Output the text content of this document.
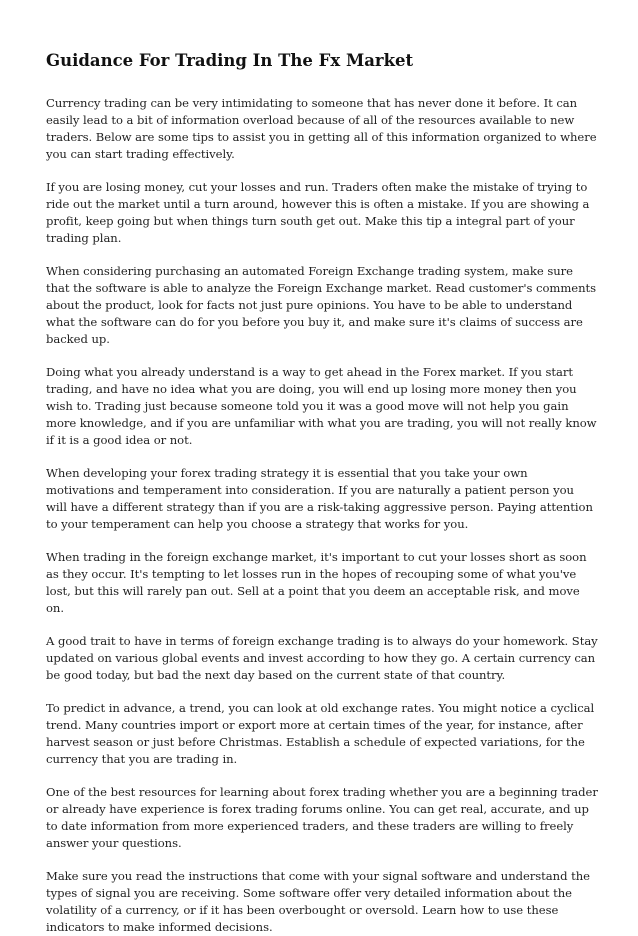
Guidance For Trading In The Fx Market

Currency trading can be very intimidating to someone that has never done it before. It can easily lead to a bit of information overload because of all of the resources available to new traders. Below are some tips to assist you in getting all of this information organized to where you can start trading effectively.

If you are losing money, cut your losses and run. Traders often make the mistake of trying to ride out the market until a turn around, however this is often a mistake. If you are showing a profit, keep going but when things turn south get out. Make this tip a integral part of your trading plan.

When considering purchasing an automated Foreign Exchange trading system, make sure that the software is able to analyze the Foreign Exchange market. Read customer's comments about the product, look for facts not just pure opinions. You have to be able to understand what the software can do for you before you buy it, and make sure it's claims of success are backed up.

Doing what you already understand is a way to get ahead in the Forex market. If you start trading, and have no idea what you are doing, you will end up losing more money then you wish to. Trading just because someone told you it was a good move will not help you gain more knowledge, and if you are unfamiliar with what you are trading, you will not really know if it is a good idea or not.

When developing your forex trading strategy it is essential that you take your own motivations and temperament into consideration. If you are naturally a patient person you will have a different strategy than if you are a risk-taking aggressive person. Paying attention to your temperament can help you choose a strategy that works for you.

When trading in the foreign exchange market, it's important to cut your losses short as soon as they occur. It's tempting to let losses run in the hopes of recouping some of what you've lost, but this will rarely pan out. Sell at a point that you deem an acceptable risk, and move on.

A good trait to have in terms of foreign exchange trading is to always do your homework. Stay updated on various global events and invest according to how they go. A certain currency can be good today, but bad the next day based on the current state of that country.

To predict in advance, a trend, you can look at old exchange rates. You might notice a cyclical trend. Many countries import or export more at certain times of the year, for instance, after harvest season or just before Christmas. Establish a schedule of expected variations, for the currency that you are trading in.

One of the best resources for learning about forex trading whether you are a beginning trader or already have experience is forex trading forums online. You can get real, accurate, and up to date information from more experienced traders, and these traders are willing to freely answer your questions.

Make sure you read the instructions that come with your signal software and understand the types of signal you are receiving. Some software offer very detailed information about the volatility of a currency, or if it has been overbought or oversold. Learn how to use these indicators to make informed decisions.
